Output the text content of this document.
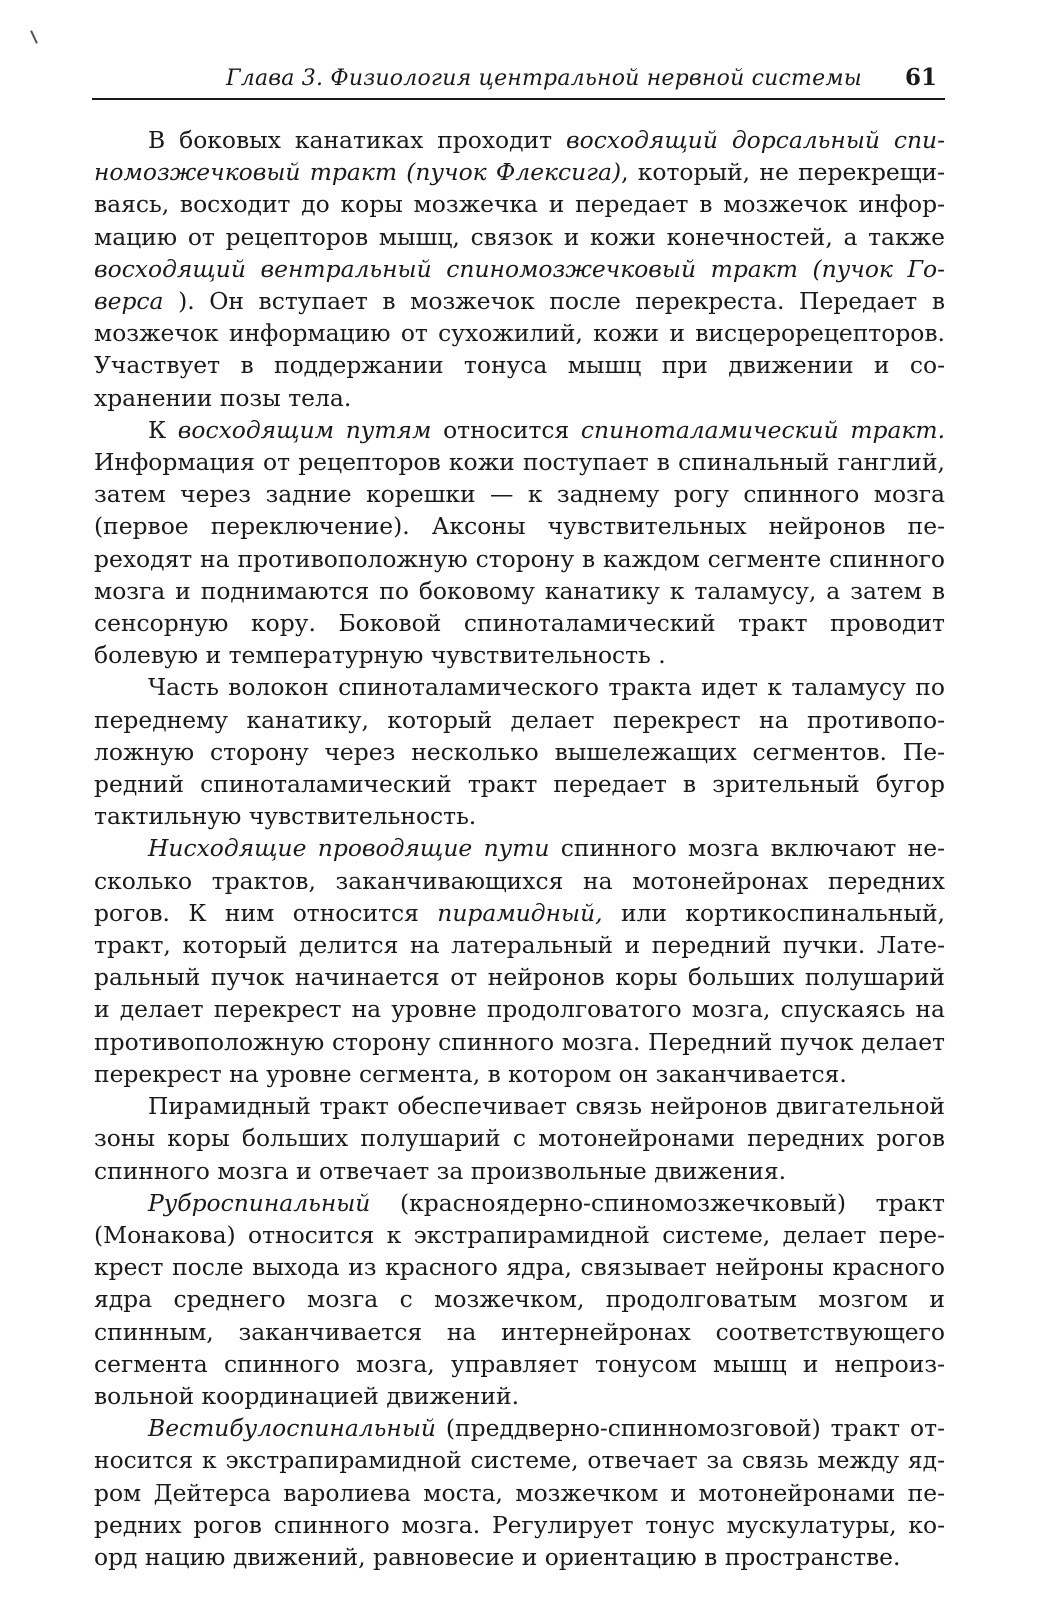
Глава 3. Физиология центральной нервной системы 61

В боковых канатиках проходит восходящий дорсальный спиномозжечковый тракт (пучок Флексига), который, не перекрещиваясь, восходит до коры мозжечка и передает в мозжечок информацию от рецепторов мышц, связок и кожи конечностей, а также восходящий вентральный спиномозжечковый тракт (пучок Говерса ). Он вступает в мозжечок после перекреста. Передает в мозжечок информацию от сухожилий, кожи и висцерорецепторов. Участвует в поддержании тонуса мышц при движении и сохранении позы тела.

К восходящим путям относится спиноталамический тракт. Информация от рецепторов кожи поступает в спинальный ганглий, затем через задние корешки — к заднему рогу спинного мозга (первое переключение). Аксоны чувствительных нейронов переходят на противоположную сторону в каждом сегменте спинного мозга и поднимаются по боковому канатику к таламусу, а затем в сенсорную кору. Боковой спиноталамический тракт проводит болевую и температурную чувствительность .

Часть волокон спиноталамического тракта идет к таламусу по переднему канатику, который делает перекрест на противоположную сторону через несколько вышележащих сегментов. Передний спиноталамический тракт передает в зрительный бугор тактильную чувствительность.

Нисходящие проводящие пути спинного мозга включают несколько трактов, заканчивающихся на мотонейронах передних рогов. К ним относится пирамидный, или кортикоспинальный, тракт, который делится на латеральный и передний пучки. Латеральный пучок начинается от нейронов коры больших полушарий и делает перекрест на уровне продолговатого мозга, спускаясь на противоположную сторону спинного мозга. Передний пучок делает перекрест на уровне сегмента, в котором он заканчивается.

Пирамидный тракт обеспечивает связь нейронов двигательной зоны коры больших полушарий с мотонейронами передних рогов спинного мозга и отвечает за произвольные движения.

Руброспинальный (красноядерно-спиномозжечковый) тракт (Монакова) относится к экстрапирамидной системе, делает перекрест после выхода из красного ядра, связывает нейроны красного ядра среднего мозга с мозжечком, продолговатым мозгом и спинным, заканчивается на интернейронах соответствующего сегмента спинного мозга, управляет тонусом мышц и непроизвольной координацией движений.

Вестибулоспинальный (преддверно-спинномозговой) тракт относится к экстрапирамидной системе, отвечает за связь между ядром Дейтерса варолиева моста, мозжечком и мотонейронами передних рогов спинного мозга. Регулирует тонус мускулатуры, коорд нацию движений, равновесие и ориентацию в пространстве.
